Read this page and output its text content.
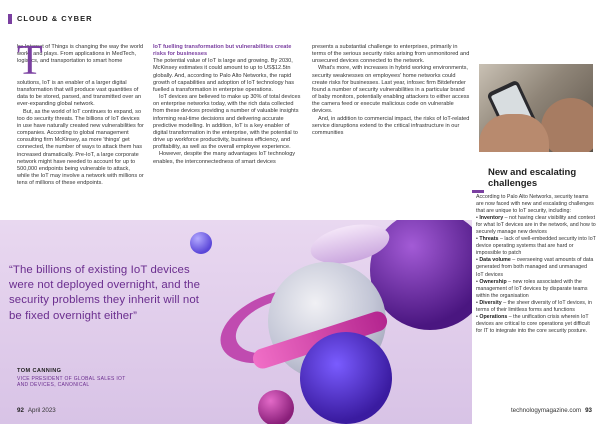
CLOUD & CYBER
T

he Internet of Things is changing the way the world works and plays. From applications in MedTech, logistics, and transportation to smart home

solutions, IoT is an enabler of a larger digital transformation that will produce vast quantities of data to be stored, parsed, and transmitted over an ever-expanding global network.

But, as the world of IoT continues to expand, so too do security threats. The billions of IoT devices in use have naturally created new vulnerabilities for companies. According to global management consulting firm McKinsey, as more 'things' get connected, the number of ways to attack them has increased dramatically. Pre-IoT, a large corporate network might have needed to account for up to 500,000 endpoints being vulnerable to attack, while the IoT may involve a network with millions or tens of millions of these endpoints.

IoT fuelling transformation but vulnerabilities create risks for businesses

The potential value of IoT is large and growing. By 2030, McKinsey estimates it could amount to up to US$12.5tn globally. And, according to Palo Alto Networks, the rapid growth of capabilities and adoption of IoT technology has fuelled a transformation in enterprise operations.

IoT devices are believed to make up 30% of total devices on enterprise networks today, with the rich data collected from these devices providing a number of valuable insights informing real-time decisions and delivering accurate predictive modelling. In addition, IoT is a key enabler of digital transformation in the enterprise, with the potential to drive up workforce productivity, business efficiency, and profitability, as well as the overall employee experience.

However, despite the many advantages IoT technology enables, the interconnectedness of smart devices

presents a substantial challenge to enterprises, primarily in terms of the serious security risks arising from unmonitored and unsecured devices connected to the network.

What's more, with increases in hybrid working environments, security weaknesses on employees' home networks could create risks for businesses. Last year, infosec firm Bitdefender found a number of security vulnerabilities in a particular brand of baby monitors, potentially enabling attackers to either access the camera feed or execute malicious code on vulnerable devices.

And, in addition to commercial impact, the risks of IoT-related service disruptions extend to the critical infrastructure in our communities

New and escalating challenges

According to Palo Alto Networks, security teams are now faced with new and escalating challenges that are unique to IoT security, including:

• Inventory – not having clear visibility and context for what IoT devices are in the network, and how to securely manage new devices
• Threats – lack of well-embedded security into IoT device operating systems that are hard or impossible to patch
• Data volume – overseeing vast amounts of data generated from both managed and unmanaged IoT devices
• Ownership – new roles associated with the management of IoT devices by disparate teams within the organisation
• Diversity – the sheer diversity of IoT devices, in terms of their limitless forms and functions
• Operations – the unification crisis wherein IoT devices are critical to core operations yet difficult for IT to integrate into the core security posture.
“The billions of existing IoT devices were not deployed overnight, and the security problems they inherit will not be fixed overnight either”
TOM CANNING
VICE PRESIDENT OF GLOBAL SALES IOT AND DEVICES, CANONICAL
92 April 2023	technologymagazine.com 93
